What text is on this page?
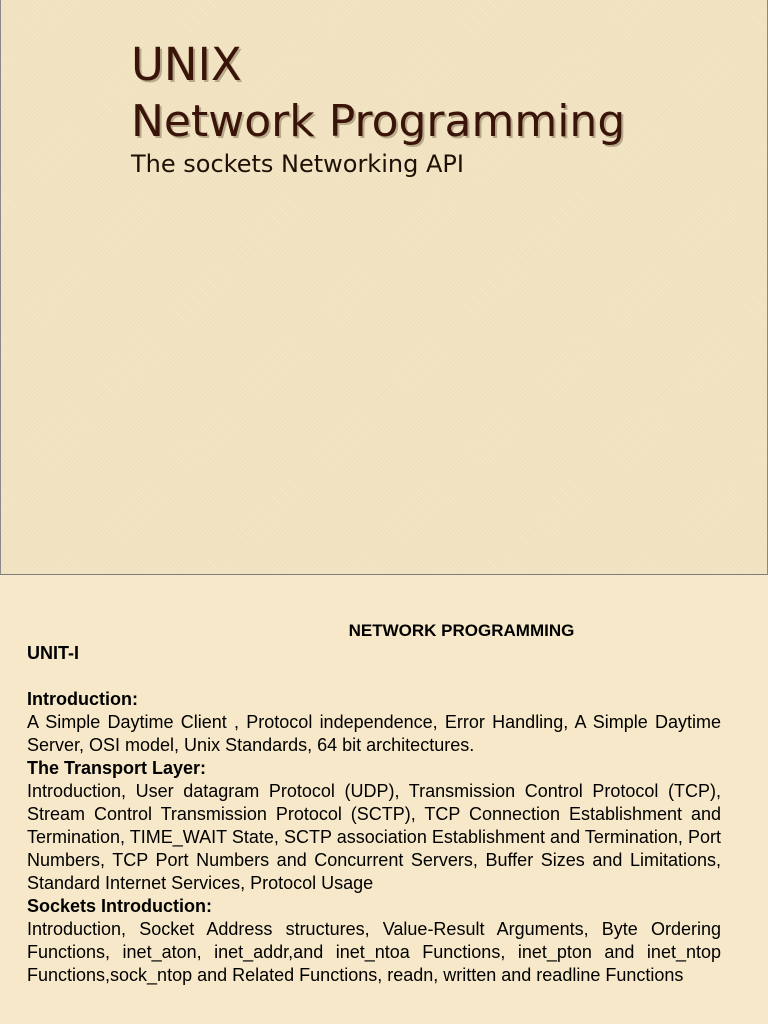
UNIX
Network Programming

The sockets Networking API

NETWORK PROGRAMMING

UNIT-I

Introduction:

A Simple Daytime Client , Protocol independence, Error Handling, A Simple Daytime Server, OSI model, Unix Standards, 64 bit architectures.

The Transport Layer:

Introduction, User datagram Protocol (UDP), Transmission Control Protocol (TCP), Stream Control Transmission Protocol (SCTP), TCP Connection Establishment and Termination, TIME_WAIT State, SCTP association Establishment and Termination, Port Numbers, TCP Port Numbers and Concurrent Servers, Buffer Sizes and Limitations, Standard Internet Services, Protocol Usage

Sockets Introduction:

Introduction, Socket Address structures, Value-Result Arguments, Byte Ordering Functions, inet_aton, inet_addr,and inet_ntoa Functions, inet_pton and inet_ntop Functions,sock_ntop and Related Functions, readn, written and readline Functions
